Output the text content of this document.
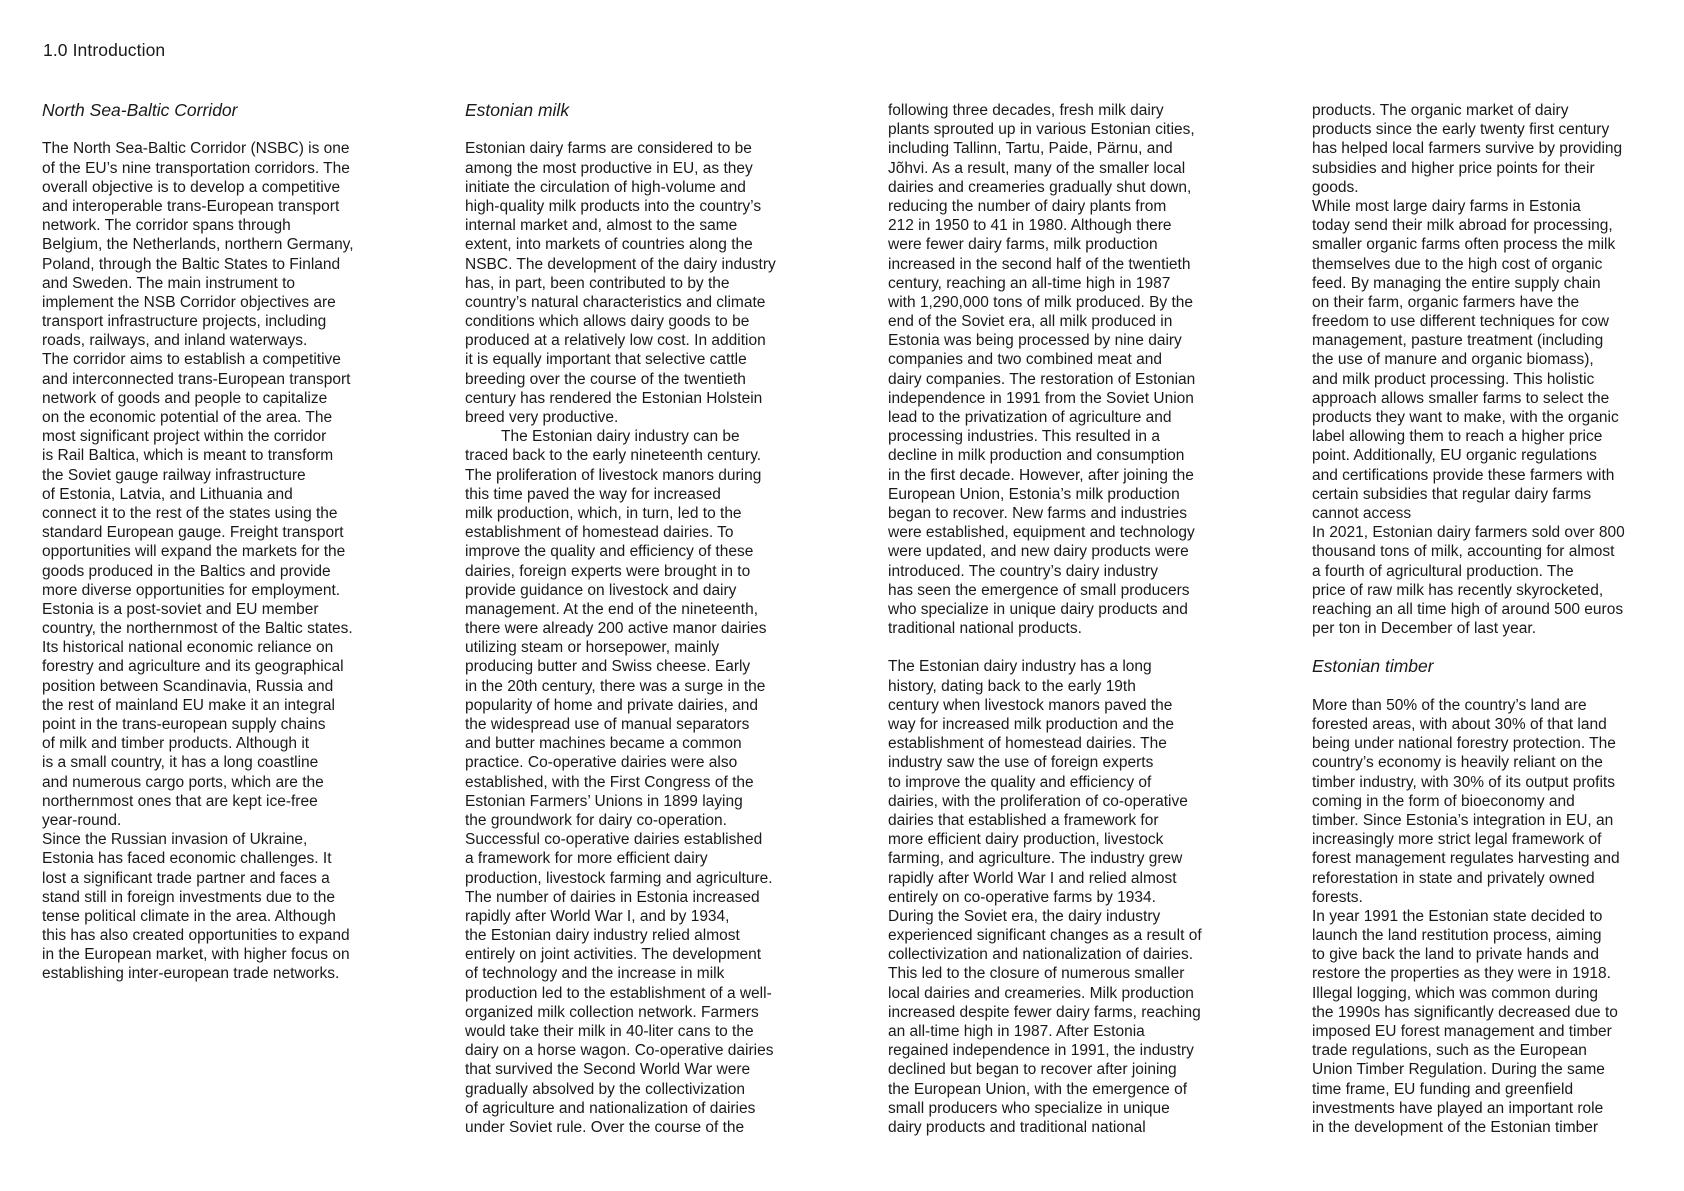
1.0 Introduction
North Sea-Baltic Corridor
The North Sea-Baltic Corridor (NSBC) is one
of the EU’s nine transportation corridors. The
overall objective is to develop a competitive
and interoperable trans-European transport
network. The corridor spans through
Belgium, the Netherlands, northern Germany,
Poland, through the Baltic States to Finland
and Sweden. The main instrument to
implement the NSB Corridor objectives are
transport infrastructure projects, including
roads, railways, and inland waterways.
The corridor aims to establish a competitive
and interconnected trans-European transport
network of goods and people to capitalize
on the economic potential of the area. The
most significant project within the corridor
is Rail Baltica, which is meant to transform
the Soviet gauge railway infrastructure
of Estonia, Latvia, and Lithuania and
connect it to the rest of the states using the
standard European gauge. Freight transport
opportunities will expand the markets for the
goods produced in the Baltics and provide
more diverse opportunities for employment.
Estonia is a post-soviet and EU member
country, the northernmost of the Baltic states.
Its historical national economic reliance on
forestry and agriculture and its geographical
position between Scandinavia, Russia and
the rest of mainland EU make it an integral
point in the trans-european supply chains
of milk and timber products. Although it
is a small country, it has a long coastline
and numerous cargo ports, which are the
northernmost ones that are kept ice-free
year-round.
Since the Russian invasion of Ukraine,
Estonia has faced economic challenges. It
lost a significant trade partner and faces a
stand still in foreign investments due to the
tense political climate in the area. Although
this has also created opportunities to expand
in the European market, with higher focus on
establishing inter-european trade networks.
Estonian milk
Estonian dairy farms are considered to be
among the most productive in EU, as they
initiate the circulation of high-volume and
high-quality milk products into the country’s
internal market and, almost to the same
extent, into markets of countries along the
NSBC. The development of the dairy industry
has, in part, been contributed to by the
country’s natural characteristics and climate
conditions which allows dairy goods to be
produced at a relatively low cost. In addition
it is equally important that selective cattle
breeding over the course of the twentieth
century has rendered the Estonian Holstein
breed very productive.
The Estonian dairy industry can be
traced back to the early nineteenth century.
The proliferation of livestock manors during
this time paved the way for increased
milk production, which, in turn, led to the
establishment of homestead dairies. To
improve the quality and efficiency of these
dairies, foreign experts were brought in to
provide guidance on livestock and dairy
management. At the end of the nineteenth,
there were already 200 active manor dairies
utilizing steam or horsepower, mainly
producing butter and Swiss cheese. Early
in the 20th century, there was a surge in the
popularity of home and private dairies, and
the widespread use of manual separators
and butter machines became a common
practice. Co-operative dairies were also
established, with the First Congress of the
Estonian Farmers’ Unions in 1899 laying
the groundwork for dairy co-operation.
Successful co-operative dairies established
a framework for more efficient dairy
production, livestock farming and agriculture.
The number of dairies in Estonia increased
rapidly after World War I, and by 1934,
the Estonian dairy industry relied almost
entirely on joint activities. The development
of technology and the increase in milk
production led to the establishment of a well-
organized milk collection network. Farmers
would take their milk in 40-liter cans to the
dairy on a horse wagon. Co-operative dairies
that survived the Second World War were
gradually absolved by the collectivization
of agriculture and nationalization of dairies
under Soviet rule. Over the course of the
following three decades, fresh milk dairy
plants sprouted up in various Estonian cities,
including Tallinn, Tartu, Paide, Pärnu, and
Jõhvi. As a result, many of the smaller local
dairies and creameries gradually shut down,
reducing the number of dairy plants from
212 in 1950 to 41 in 1980. Although there
were fewer dairy farms, milk production
increased in the second half of the twentieth
century, reaching an all-time high in 1987
with 1,290,000 tons of milk produced. By the
end of the Soviet era, all milk produced in
Estonia was being processed by nine dairy
companies and two combined meat and
dairy companies. The restoration of Estonian
independence in 1991 from the Soviet Union
lead to the privatization of agriculture and
processing industries. This resulted in a
decline in milk production and consumption
in the first decade. However, after joining the
European Union, Estonia’s milk production
began to recover. New farms and industries
were established, equipment and technology
were updated, and new dairy products were
introduced. The country’s dairy industry
has seen the emergence of small producers
who specialize in unique dairy products and
traditional national products.
The Estonian dairy industry has a long
history, dating back to the early 19th
century when livestock manors paved the
way for increased milk production and the
establishment of homestead dairies. The
industry saw the use of foreign experts
to improve the quality and efficiency of
dairies, with the proliferation of co-operative
dairies that established a framework for
more efficient dairy production, livestock
farming, and agriculture. The industry grew
rapidly after World War I and relied almost
entirely on co-operative farms by 1934.
During the Soviet era, the dairy industry
experienced significant changes as a result of
collectivization and nationalization of dairies.
This led to the closure of numerous smaller
local dairies and creameries. Milk production
increased despite fewer dairy farms, reaching
an all-time high in 1987. After Estonia
regained independence in 1991, the industry
declined but began to recover after joining
the European Union, with the emergence of
small producers who specialize in unique
dairy products and traditional national
products. The organic market of dairy
products since the early twenty first century
has helped local farmers survive by providing
subsidies and higher price points for their
goods.
While most large dairy farms in Estonia
today send their milk abroad for processing,
smaller organic farms often process the milk
themselves due to the high cost of organic
feed. By managing the entire supply chain
on their farm, organic farmers have the
freedom to use different techniques for cow
management, pasture treatment (including
the use of manure and organic biomass),
and milk product processing. This holistic
approach allows smaller farms to select the
products they want to make, with the organic
label allowing them to reach a higher price
point. Additionally, EU organic regulations
and certifications provide these farmers with
certain subsidies that regular dairy farms
cannot access
In 2021, Estonian dairy farmers sold over 800
thousand tons of milk, accounting for almost
a fourth of agricultural production. The
price of raw milk has recently skyrocketed,
reaching an all time high of around 500 euros
per ton in December of last year.
Estonian timber
More than 50% of the country’s land are
forested areas, with about 30% of that land
being under national forestry protection. The
country’s economy is heavily reliant on the
timber industry, with 30% of its output profits
coming in the form of bioeconomy and
timber. Since Estonia’s integration in EU, an
increasingly more strict legal framework of
forest management regulates harvesting and
reforestation in state and privately owned
forests.
In year 1991 the Estonian state decided to
launch the land restitution process, aiming
to give back the land to private hands and
restore the properties as they were in 1918.
Illegal logging, which was common during
the 1990s has significantly decreased due to
imposed EU forest management and timber
trade regulations, such as the European
Union Timber Regulation. During the same
time frame, EU funding and greenfield
investments have played an important role
in the development of the Estonian timber
